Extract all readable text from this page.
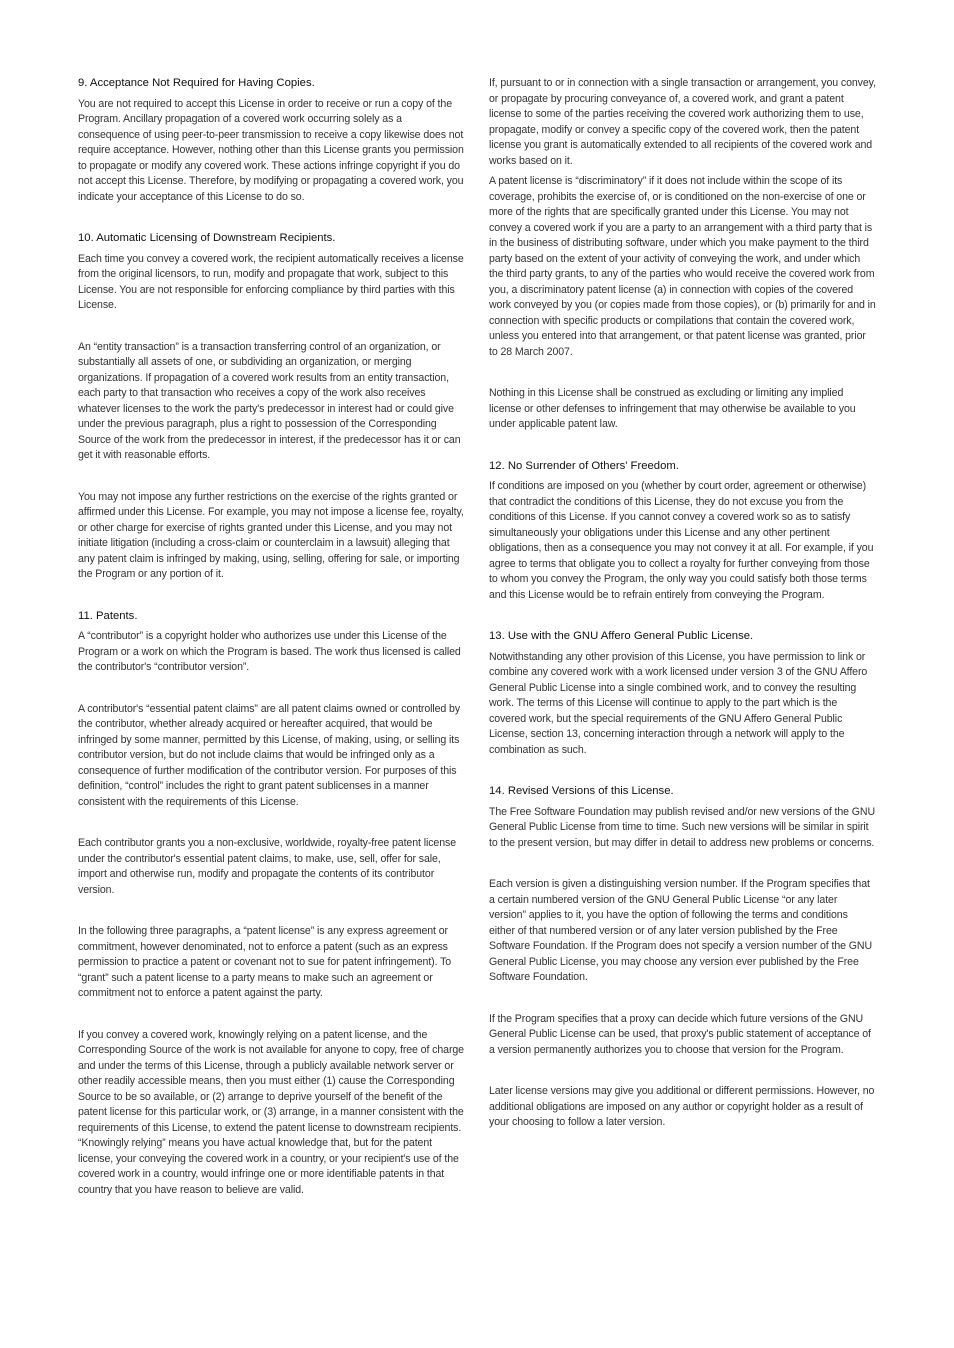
9. Acceptance Not Required for Having Copies.

You are not required to accept this License in order to receive or run a copy of the Program. Ancillary propagation of a covered work occurring solely as a consequence of using peer-to-peer transmission to receive a copy likewise does not require acceptance. However, nothing other than this License grants you permission to propagate or modify any covered work. These actions infringe copyright if you do not accept this License. Therefore, by modifying or propagating a covered work, you indicate your acceptance of this License to do so.

10. Automatic Licensing of Downstream Recipients.

Each time you convey a covered work, the recipient automatically receives a license from the original licensors, to run, modify and propagate that work, subject to this License. You are not responsible for enforcing compliance by third parties with this License.

An “entity transaction” is a transaction transferring control of an organization, or substantially all assets of one, or subdividing an organization, or merging organizations. If propagation of a covered work results from an entity transaction, each party to that transaction who receives a copy of the work also receives whatever licenses to the work the party's predecessor in interest had or could give under the previous paragraph, plus a right to possession of the Corresponding Source of the work from the predecessor in interest, if the predecessor has it or can get it with reasonable efforts.

You may not impose any further restrictions on the exercise of the rights granted or affirmed under this License. For example, you may not impose a license fee, royalty, or other charge for exercise of rights granted under this License, and you may not initiate litigation (including a cross-claim or counterclaim in a lawsuit) alleging that any patent claim is infringed by making, using, selling, offering for sale, or importing the Program or any portion of it.

11. Patents.

A “contributor” is a copyright holder who authorizes use under this License of the Program or a work on which the Program is based. The work thus licensed is called the contributor's “contributor version”.

A contributor's “essential patent claims” are all patent claims owned or controlled by the contributor, whether already acquired or hereafter acquired, that would be infringed by some manner, permitted by this License, of making, using, or selling its contributor version, but do not include claims that would be infringed only as a consequence of further modification of the contributor version. For purposes of this definition, “control” includes the right to grant patent sublicenses in a manner consistent with the requirements of this License.

Each contributor grants you a non-exclusive, worldwide, royalty-free patent license under the contributor's essential patent claims, to make, use, sell, offer for sale, import and otherwise run, modify and propagate the contents of its contributor version.

In the following three paragraphs, a “patent license” is any express agreement or commitment, however denominated, not to enforce a patent (such as an express permission to practice a patent or covenant not to sue for patent infringement). To “grant” such a patent license to a party means to make such an agreement or commitment not to enforce a patent against the party.

If you convey a covered work, knowingly relying on a patent license, and the Corresponding Source of the work is not available for anyone to copy, free of charge and under the terms of this License, through a publicly available network server or other readily accessible means, then you must either (1) cause the Corresponding Source to be so available, or (2) arrange to deprive yourself of the benefit of the patent license for this particular work, or (3) arrange, in a manner consistent with the requirements of this License, to extend the patent license to downstream recipients. “Knowingly relying” means you have actual knowledge that, but for the patent license, your conveying the covered work in a country, or your recipient's use of the covered work in a country, would infringe one or more identifiable patents in that country that you have reason to believe are valid.

If, pursuant to or in connection with a single transaction or arrangement, you convey, or propagate by procuring conveyance of, a covered work, and grant a patent license to some of the parties receiving the covered work authorizing them to use, propagate, modify or convey a specific copy of the covered work, then the patent license you grant is automatically extended to all recipients of the covered work and works based on it.

A patent license is “discriminatory” if it does not include within the scope of its coverage, prohibits the exercise of, or is conditioned on the non-exercise of one or more of the rights that are specifically granted under this License. You may not convey a covered work if you are a party to an arrangement with a third party that is in the business of distributing software, under which you make payment to the third party based on the extent of your activity of conveying the work, and under which the third party grants, to any of the parties who would receive the covered work from you, a discriminatory patent license (a) in connection with copies of the covered work conveyed by you (or copies made from those copies), or (b) primarily for and in connection with specific products or compilations that contain the covered work, unless you entered into that arrangement, or that patent license was granted, prior to 28 March 2007.

Nothing in this License shall be construed as excluding or limiting any implied license or other defenses to infringement that may otherwise be available to you under applicable patent law.

12. No Surrender of Others' Freedom.

If conditions are imposed on you (whether by court order, agreement or otherwise) that contradict the conditions of this License, they do not excuse you from the conditions of this License. If you cannot convey a covered work so as to satisfy simultaneously your obligations under this License and any other pertinent obligations, then as a consequence you may not convey it at all. For example, if you agree to terms that obligate you to collect a royalty for further conveying from those to whom you convey the Program, the only way you could satisfy both those terms and this License would be to refrain entirely from conveying the Program.

13. Use with the GNU Affero General Public License.

Notwithstanding any other provision of this License, you have permission to link or combine any covered work with a work licensed under version 3 of the GNU Affero General Public License into a single combined work, and to convey the resulting work. The terms of this License will continue to apply to the part which is the covered work, but the special requirements of the GNU Affero General Public License, section 13, concerning interaction through a network will apply to the combination as such.

14. Revised Versions of this License.

The Free Software Foundation may publish revised and/or new versions of the GNU General Public License from time to time. Such new versions will be similar in spirit to the present version, but may differ in detail to address new problems or concerns.

Each version is given a distinguishing version number. If the Program specifies that a certain numbered version of the GNU General Public License “or any later version” applies to it, you have the option of following the terms and conditions either of that numbered version or of any later version published by the Free Software Foundation. If the Program does not specify a version number of the GNU General Public License, you may choose any version ever published by the Free Software Foundation.

If the Program specifies that a proxy can decide which future versions of the GNU General Public License can be used, that proxy's public statement of acceptance of a version permanently authorizes you to choose that version for the Program.

Later license versions may give you additional or different permissions. However, no additional obligations are imposed on any author or copyright holder as a result of your choosing to follow a later version.
